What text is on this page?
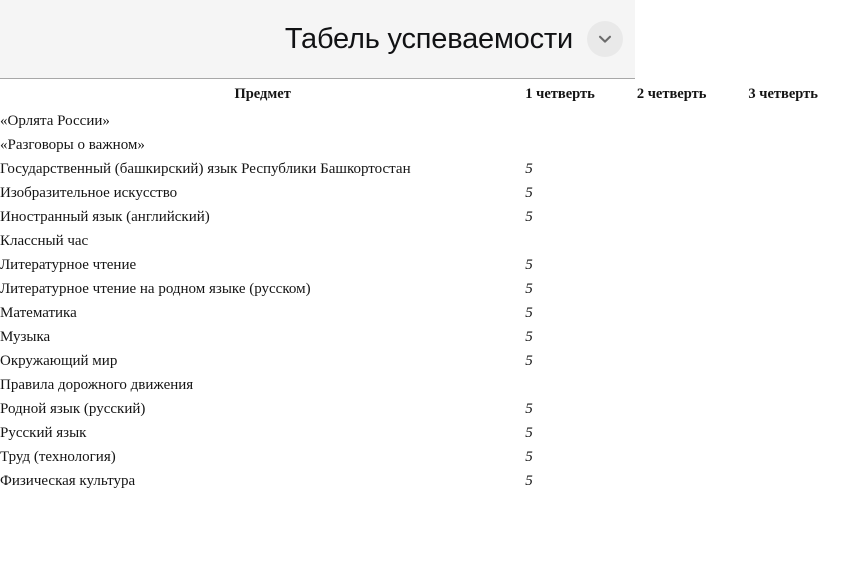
Табель успеваемости
Предмет	1 четверть	2 четверть	3 четверть
«Орлята России»			
«Разговоры о важном»			
Государственный (башкирский) язык Республики Башкортостан	5		
Изобразительное искусство	5		
Иностранный язык (английский)	5		
Классный час			
Литературное чтение	5		
Литературное чтение на родном языке (русском)	5		
Математика	5		
Музыка	5		
Окружающий мир	5		
Правила дорожного движения			
Родной язык (русский)	5		
Русский язык	5		
Труд (технология)	5		
Физическая культура	5		
